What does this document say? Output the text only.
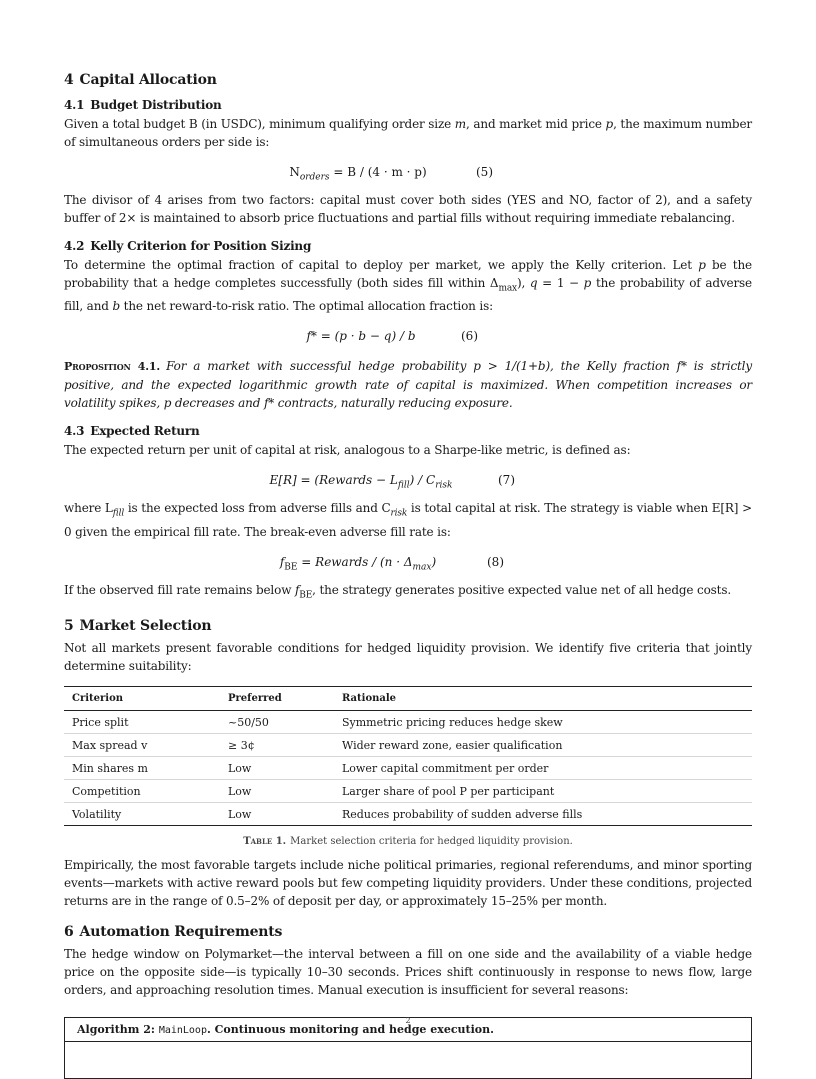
4 Capital Allocation
4.1 Budget Distribution

Given a total budget B (in USDC), minimum qualifying order size m, and market mid price p, the maximum number of simultaneous orders per side is:

$N_{orders} = B / (4 \cdot m \cdot p)$	(5)

The divisor of 4 arises from two factors: capital must cover both sides (YES and NO, factor of 2), and a safety buffer of 2× is maintained to absorb price fluctuations and partial fills without requiring immediate rebalancing.

4.2 Kelly Criterion for Position Sizing

To determine the optimal fraction of capital to deploy per market, we apply the Kelly criterion. Let p be the probability that a hedge completes successfully (both sides fill within $\Delta_{max}$), q = 1 − p the probability of adverse fill, and b the net reward-to-risk ratio. The optimal allocation fraction is:

f* = (p · b − q) / b	(6)

Proposition 4.1. For a market with successful hedge probability p > 1/(1+b), the Kelly fraction f* is strictly positive, and the expected logarithmic growth rate of capital is maximized. When competition increases or volatility spikes, p decreases and f* contracts, naturally reducing exposure.

4.3 Expected Return

The expected return per unit of capital at risk, analogous to a Sharpe-like metric, is defined as:

E[R] = (Rewards − $L_{fill}) / C_{risk}$	(7)

where $L_{fill}$ is the expected loss from adverse fills and $C_{risk}$ is total capital at risk. The strategy is viable when E[R] > 0 given the empirical fill rate. The break-even adverse fill rate is:

$f_{BE}$ = Rewards / $(n \cdot \Delta_{max})$	(8)

If the observed fill rate remains below $f_{BE}$, the strategy generates positive expected value net of all hedge costs.

5 Market Selection

Not all markets present favorable conditions for hedged liquidity provision. We identify five criteria that jointly determine suitability:

Criterion	Preferred	Rationale
Price split	~50/50	Symmetric pricing reduces hedge skew
Max spread v	≥ 3¢	Wider reward zone, easier qualification
Min shares m	Low	Lower capital commitment per order
Competition	Low	Larger share of pool P per participant
Volatility	Low	Reduces probability of sudden adverse fills
Table 1. Market selection criteria for hedged liquidity provision.

Empirically, the most favorable targets include niche political primaries, regional referendums, and minor sporting events—markets with active reward pools but few competing liquidity providers. Under these conditions, projected returns are in the range of 0.5–2% of deposit per day, or approximately 15–25% per month.

6 Automation Requirements

The hedge window on Polymarket—the interval between a fill on one side and the availability of a viable hedge price on the opposite side—is typically 10–30 seconds. Prices shift continuously in response to news flow, large orders, and approaching resolution times. Manual execution is insufficient for several reasons:

Algorithm 2: MainLoop. Continuous monitoring and hedge execution.
2
